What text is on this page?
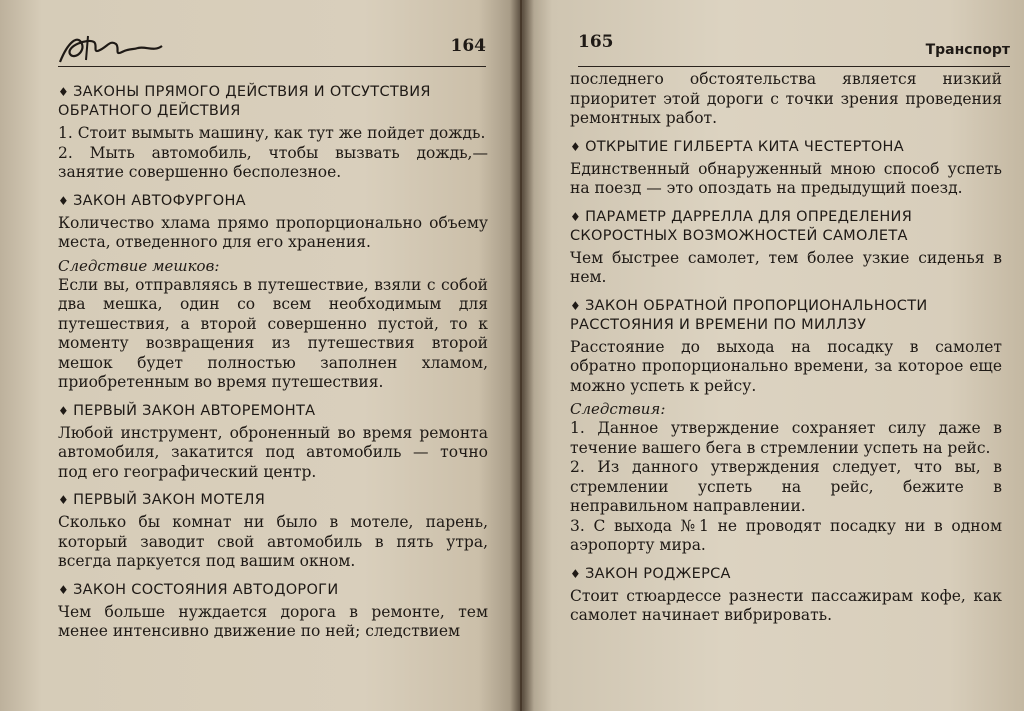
164
♦ ЗАКОНЫ ПРЯМОГО ДЕЙСТВИЯ И ОТСУТСТВИЯ ОБРАТНОГО ДЕЙСТВИЯ

1. Стоит вымыть машину, как тут же пойдет дождь.

2. Мыть автомобиль, чтобы вызвать дождь,— занятие совершенно бесполезное.

♦ ЗАКОН АВТОФУРГОНА

Количество хлама прямо пропорционально объему места, отведенного для его хранения.

Следствие мешков:

Если вы, отправляясь в путешествие, взяли с собой два мешка, один со всем необходимым для путешествия, а второй совершенно пустой, то к моменту возвращения из путешествия второй мешок будет полностью заполнен хламом, приобретенным во время путешествия.

♦ ПЕРВЫЙ ЗАКОН АВТОРЕМОНТА

Любой инструмент, оброненный во время ремонта автомобиля, закатится под автомобиль — точно под его географический центр.

♦ ПЕРВЫЙ ЗАКОН МОТЕЛЯ

Сколько бы комнат ни было в мотеле, парень, который заводит свой автомобиль в пять утра, всегда паркуется под вашим окном.

♦ ЗАКОН СОСТОЯНИЯ АВТОДОРОГИ

Чем больше нуждается дорога в ремонте, тем менее интенсивно движение по ней; следствием

165	Транспорт

последнего обстоятельства является низкий приоритет этой дороги с точки зрения проведения ремонтных работ.

♦ ОТКРЫТИЕ ГИЛБЕРТА КИТА ЧЕСТЕРТОНА

Единственный обнаруженный мною способ успеть на поезд — это опоздать на предыдущий поезд.

♦ ПАРАМЕТР ДАРРЕЛЛА ДЛЯ ОПРЕДЕЛЕНИЯ СКОРОСТНЫХ ВОЗМОЖНОСТЕЙ САМОЛЕТА

Чем быстрее самолет, тем более узкие сиденья в нем.

♦ ЗАКОН ОБРАТНОЙ ПРОПОРЦИОНАЛЬНОСТИ РАССТОЯНИЯ И ВРЕМЕНИ ПО МИЛЛЗУ

Расстояние до выхода на посадку в самолет обратно пропорционально времени, за которое еще можно успеть к рейсу.

Следствия:

1. Данное утверждение сохраняет силу даже в течение вашего бега в стремлении успеть на рейс.

2. Из данного утверждения следует, что вы, в стремлении успеть на рейс, бежите в неправильном направлении.

3. С выхода №1 не проводят посадку ни в одном аэропорту мира.

♦ ЗАКОН РОДЖЕРСА

Стоит стюардессе разнести пассажирам кофе, как самолет начинает вибрировать.
